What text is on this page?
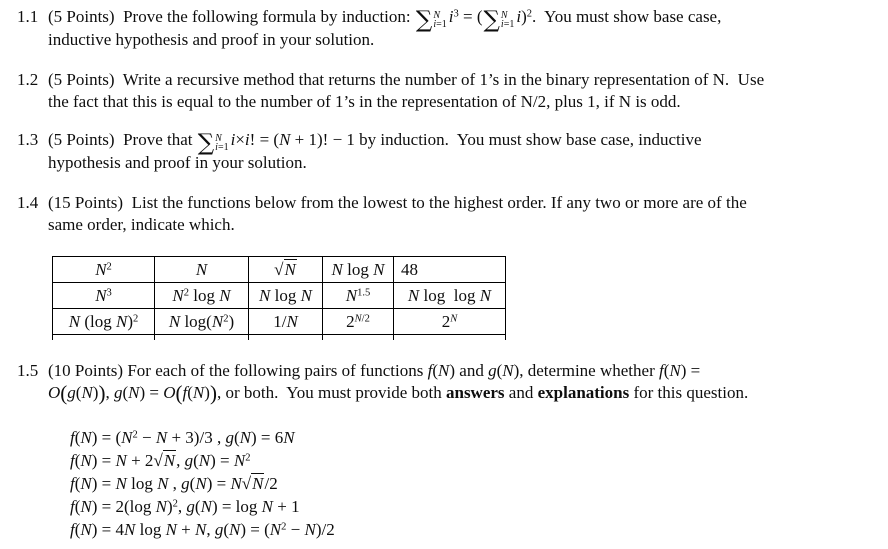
1.1 (5 Points)  Prove the following formula by induction: ∑ N
i=1 $i^3$ = ( ∑ N
i=1 i)$^2$.  You must show base case,
inductive hypothesis and proof in your solution.
1.2 (5 Points)  Write a recursive method that returns the number of 1’s in the binary representation of N.  Use
the fact that this is equal to the number of 1’s in the representation of N/2, plus 1, if N is odd.
1.3 (5 Points)  Prove that ∑ N
i=1 i×i! = (N + 1)! − 1 by induction.  You must show base case, inductive
hypothesis and proof in your solution.
1.4 (15 Points)  List the functions below from the lowest to the highest order. If any two or more are of the
same order, indicate which.
$N^2$	N	√N	N log N	48
$N^3$	$N^2$ log N	N log N	$N^{1.5}$	N log  log N
N (log N)$^2$	N $\log(N^2)$	1/N	$2^{N/2}$	$2^N$

1.5 (10 Points) For each of the following pairs of functions f(N) and g(N), determine whether f(N) =
O(g(N)), g(N) = O(f(N)), or both.  You must provide both answers and explanations for this question.
$f(N) = (N^2 - N + 3)/3$ , g(N) = 6N
f(N) = N + 2√N, $g(N) = N^2$
f(N) = N log N , g(N) = N√N/2
f(N) = 2(log N)$^2$, g(N) = log N + 1
f(N) = 4N log N + N, $g(N) = (N^2 - N)/2$
